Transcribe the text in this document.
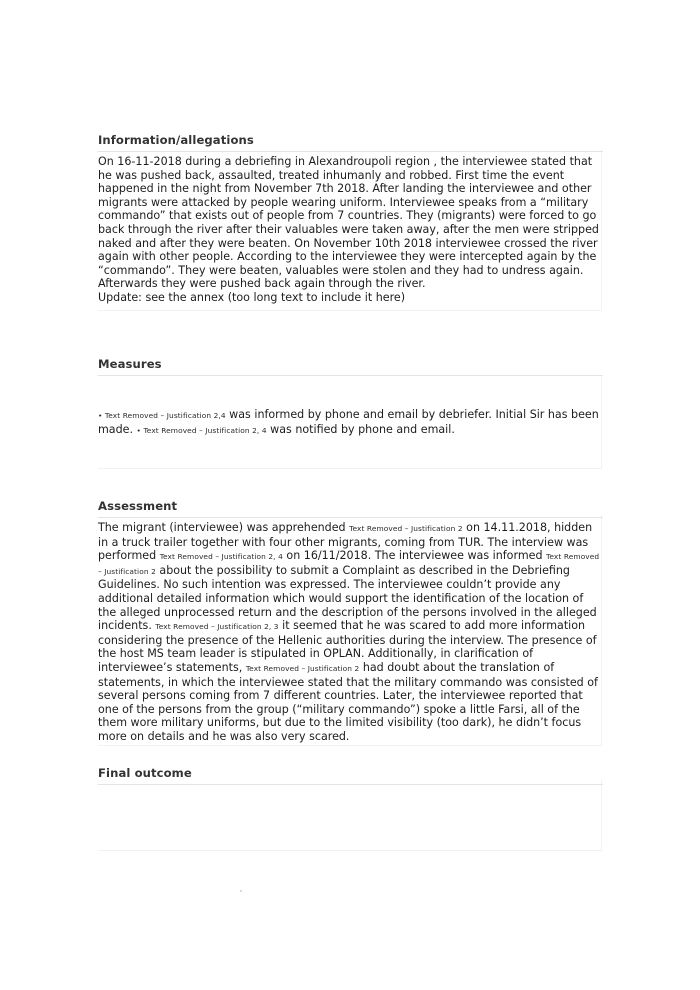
Information/allegations
On 16-11-2018 during a debriefing in Alexandroupoli region , the interviewee stated that he was pushed back, assaulted, treated inhumanly and robbed. First time the event happened in the night from November 7th 2018. After landing the interviewee and other migrants were attacked by people wearing uniform. Interviewee speaks from a “military commando” that exists out of people from 7 countries. They (migrants) were forced to go back through the river after their valuables were taken away, after the men were stripped naked and after they were beaten. On November 10th 2018 interviewee crossed the river again with other people. According to the interviewee they were intercepted again by the “commando”. They were beaten, valuables were stolen and they had to undress again. Afterwards they were pushed back again through the river.
Update: see the annex (too long text to include it here)
Measures
• Text Removed – Justification 2,4 was informed by phone and email by debriefer. Initial Sir has been made. • Text Removed – Justification 2, 4 was notified by phone and email.
Assessment
The migrant (interviewee) was apprehended Text Removed – Justification 2 on 14.11.2018, hidden in a truck trailer together with four other migrants, coming from TUR. The interview was performed Text Removed – Justification 2, 4 on 16/11/2018. The interviewee was informed Text Removed – Justification 2 about the possibility to submit a Complaint as described in the Debriefing Guidelines. No such intention was expressed. The interviewee couldn’t provide any additional detailed information which would support the identification of the location of the alleged unprocessed return and the description of the persons involved in the alleged incidents. Text Removed – Justification 2, 3 it seemed that he was scared to add more information considering the presence of the Hellenic authorities during the interview. The presence of the host MS team leader is stipulated in OPLAN. Additionally, in clarification of interviewee’s statements, Text Removed – Justification 2 had doubt about the translation of statements, in which the interviewee stated that the military commando was consisted of several persons coming from 7 different countries. Later, the interviewee reported that one of the persons from the group (“military commando”) spoke a little Farsi, all of the them wore military uniforms, but due to the limited visibility (too dark), he didn’t focus more on details and he was also very scared.
Final outcome
